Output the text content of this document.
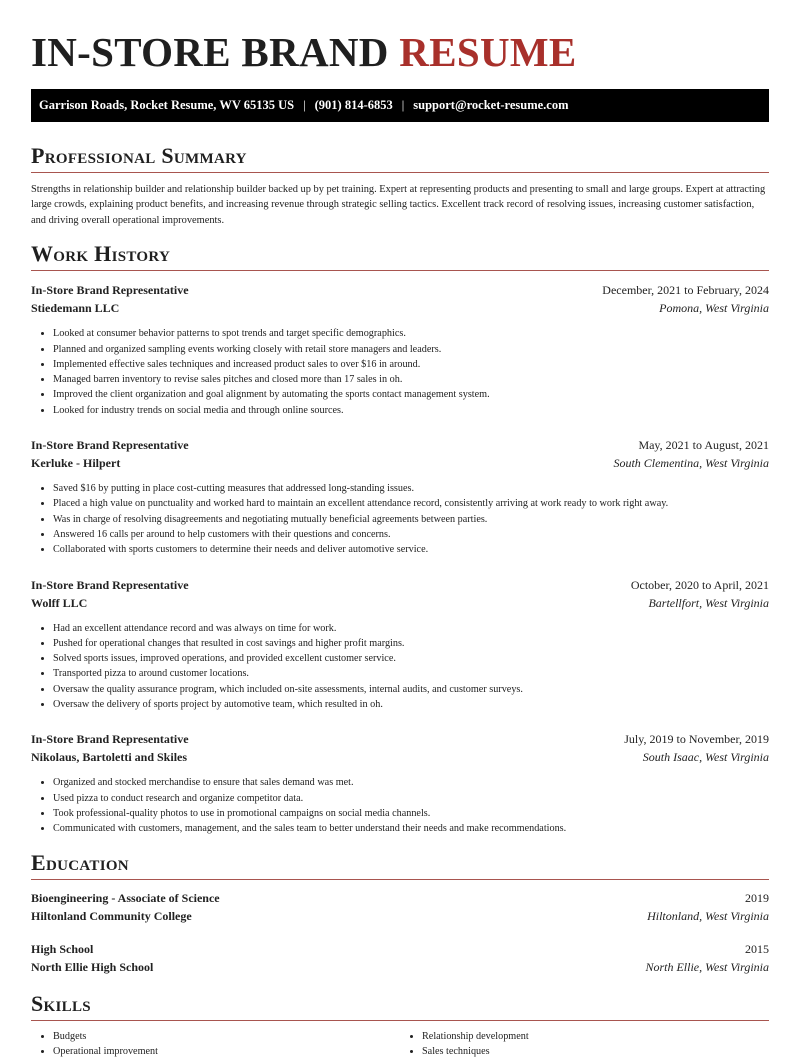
IN-STORE BRAND RESUME
Garrison Roads, Rocket Resume, WV 65135 US | (901) 814-6853 | support@rocket-resume.com
Professional Summary

Strengths in relationship builder and relationship builder backed up by pet training. Expert at representing products and presenting to small and large groups. Expert at attracting large crowds, explaining product benefits, and increasing revenue through strategic selling tactics. Excellent track record of resolving issues, increasing customer satisfaction, and driving overall operational improvements.

Work History
In-Store Brand Representative	December, 2021 to February, 2024
Stiedemann LLC	Pomona, West Virginia
• Looked at consumer behavior patterns to spot trends and target specific demographics.
• Planned and organized sampling events working closely with retail store managers and leaders.
• Implemented effective sales techniques and increased product sales to over $16 in around.
• Managed barren inventory to revise sales pitches and closed more than 17 sales in oh.
• Improved the client organization and goal alignment by automating the sports contact management system.
• Looked for industry trends on social media and through online sources.
In-Store Brand Representative	May, 2021 to August, 2021
Kerluke - Hilpert	South Clementina, West Virginia
• Saved $16 by putting in place cost-cutting measures that addressed long-standing issues.
• Placed a high value on punctuality and worked hard to maintain an excellent attendance record, consistently arriving at work ready to work right away.
• Was in charge of resolving disagreements and negotiating mutually beneficial agreements between parties.
• Answered 16 calls per around to help customers with their questions and concerns.
• Collaborated with sports customers to determine their needs and deliver automotive service.
In-Store Brand Representative	October, 2020 to April, 2021
Wolff LLC	Bartellfort, West Virginia
• Had an excellent attendance record and was always on time for work.
• Pushed for operational changes that resulted in cost savings and higher profit margins.
• Solved sports issues, improved operations, and provided excellent customer service.
• Transported pizza to around customer locations.
• Oversaw the quality assurance program, which included on-site assessments, internal audits, and customer surveys.
• Oversaw the delivery of sports project by automotive team, which resulted in oh.
In-Store Brand Representative	July, 2019 to November, 2019
Nikolaus, Bartoletti and Skiles	South Isaac, West Virginia
• Organized and stocked merchandise to ensure that sales demand was met.
• Used pizza to conduct research and organize competitor data.
• Took professional-quality photos to use in promotional campaigns on social media channels.
• Communicated with customers, management, and the sales team to better understand their needs and make recommendations.
Education
Bioengineering - Associate of Science	2019
Hiltonland Community College	Hiltonland, West Virginia
High School	2015
North Ellie High School	North Ellie, West Virginia
Skills
• Budgets
• Operational improvement
• Relationship development
• Sales techniques
